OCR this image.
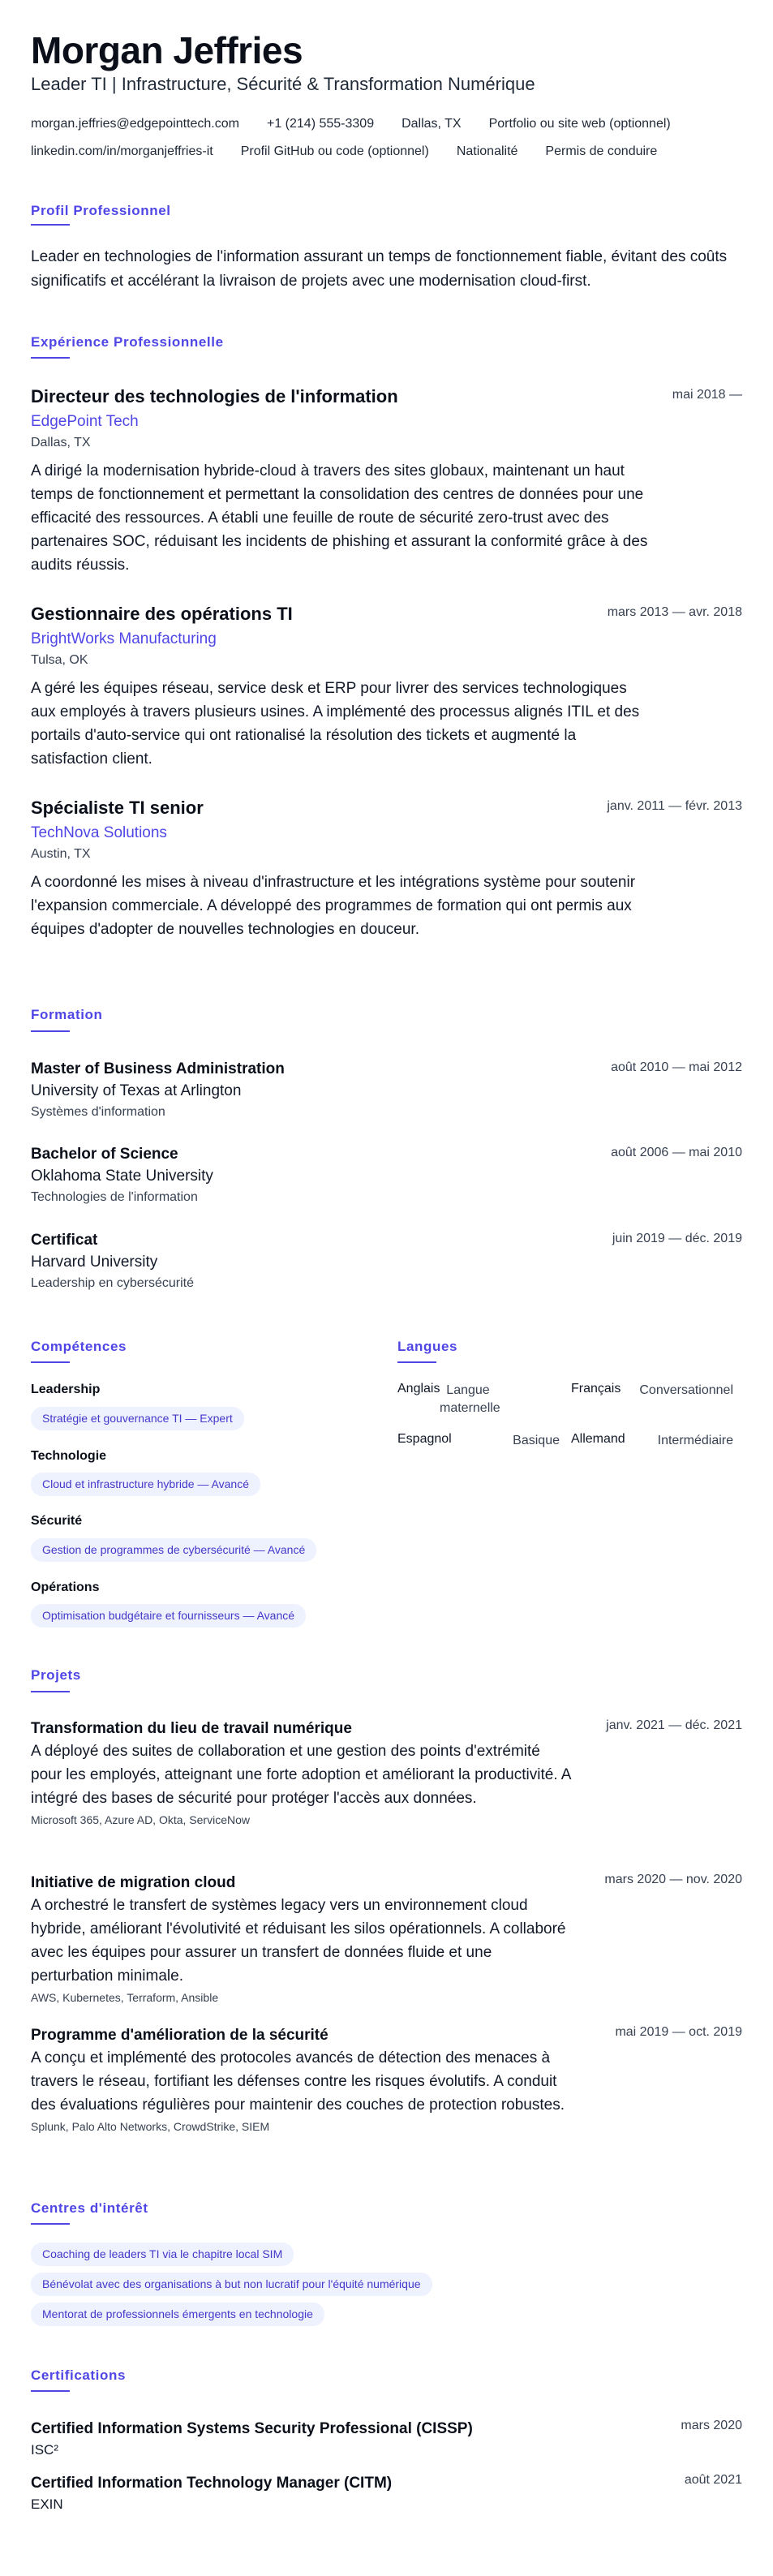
Morgan Jeffries
Leader TI | Infrastructure, Sécurité & Transformation Numérique
morgan.jeffries@edgepointtech.com +1 (214) 555-3309 Dallas, TX Portfolio ou site web (optionnel)
linkedin.com/in/morganjeffries-it Profil GitHub ou code (optionnel) Nationalité Permis de conduire
Profil Professionnel
Leader en technologies de l'information assurant un temps de fonctionnement fiable, évitant des coûts significatifs et accélérant la livraison de projets avec une modernisation cloud-first.
Expérience Professionnelle
Directeur des technologies de l'information	mai 2018 —
EdgePoint Tech
Dallas, TX
A dirigé la modernisation hybride-cloud à travers des sites globaux, maintenant un haut temps de fonctionnement et permettant la consolidation des centres de données pour une efficacité des ressources. A établi une feuille de route de sécurité zero-trust avec des partenaires SOC, réduisant les incidents de phishing et assurant la conformité grâce à des audits réussis.
Gestionnaire des opérations TI	mars 2013 — avr. 2018
BrightWorks Manufacturing
Tulsa, OK
A géré les équipes réseau, service desk et ERP pour livrer des services technologiques aux employés à travers plusieurs usines. A implémenté des processus alignés ITIL et des portails d'auto-service qui ont rationalisé la résolution des tickets et augmenté la satisfaction client.
Spécialiste TI senior	janv. 2011 — févr. 2013
TechNova Solutions
Austin, TX
A coordonné les mises à niveau d'infrastructure et les intégrations système pour soutenir l'expansion commerciale. A développé des programmes de formation qui ont permis aux équipes d'adopter de nouvelles technologies en douceur.
Formation
Master of Business Administration	août 2010 — mai 2012
University of Texas at Arlington
Systèmes d'information
Bachelor of Science	août 2006 — mai 2010
Oklahoma State University
Technologies de l'information
Certificat	juin 2019 — déc. 2019
Harvard University
Leadership en cybersécurité
Compétences
Leadership
Stratégie et gouvernance TI — Expert
Technologie
Cloud et infrastructure hybride — Avancé
Sécurité
Gestion de programmes de cybersécurité — Avancé
Opérations
Optimisation budgétaire et fournisseurs — Avancé
Langues
Anglais Langue maternelle
Français	Conversationnel
Espagnol	Basique Allemand	Intermédiaire
Projets
Transformation du lieu de travail numérique	janv. 2021 — déc. 2021
A déployé des suites de collaboration et une gestion des points d'extrémité pour les employés, atteignant une forte adoption et améliorant la productivité. A intégré des bases de sécurité pour protéger l'accès aux données.
Microsoft 365, Azure AD, Okta, ServiceNow
Initiative de migration cloud	mars 2020 — nov. 2020
A orchestré le transfert de systèmes legacy vers un environnement cloud hybride, améliorant l'évolutivité et réduisant les silos opérationnels. A collaboré avec les équipes pour assurer un transfert de données fluide et une perturbation minimale.
AWS, Kubernetes, Terraform, Ansible
Programme d'amélioration de la sécurité	mai 2019 — oct. 2019
A conçu et implémenté des protocoles avancés de détection des menaces à travers le réseau, fortifiant les défenses contre les risques évolutifs. A conduit des évaluations régulières pour maintenir des couches de protection robustes.
Splunk, Palo Alto Networks, CrowdStrike, SIEM
Centres d'intérêt
Coaching de leaders TI via le chapitre local SIM
Bénévolat avec des organisations à but non lucratif pour l'équité numérique
Mentorat de professionnels émergents en technologie
Certifications
Certified Information Systems Security Professional (CISSP)	mars 2020
ISC²
Certified Information Technology Manager (CITM)	août 2021
EXIN
